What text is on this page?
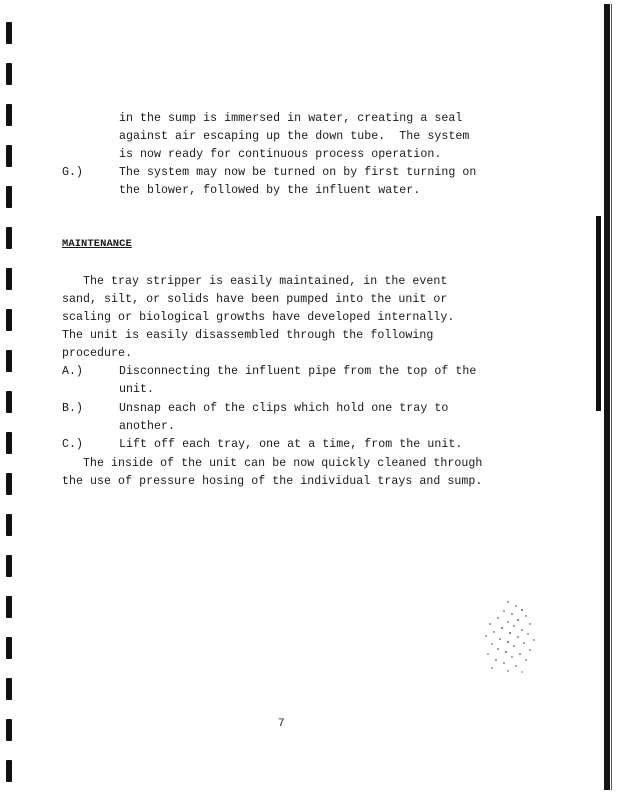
in the sump is immersed in water, creating a seal
against air escaping up the down tube.  The system
is now ready for continuous process operation.
G.)	The system may now be turned on by first turning on
the blower, followed by the influent water.
MAINTENANCE
The tray stripper is easily maintained, in the event
sand, silt, or solids have been pumped into the unit or
scaling or biological growths have developed internally.
The unit is easily disassembled through the following
procedure.
A.)	Disconnecting the influent pipe from the top of the
unit.
B.)	Unsnap each of the clips which hold one tray to
another.
C.)	Lift off each tray, one at a time, from the unit.
The inside of the unit can be now quickly cleaned through
the use of pressure hosing of the individual trays and sump.
7
